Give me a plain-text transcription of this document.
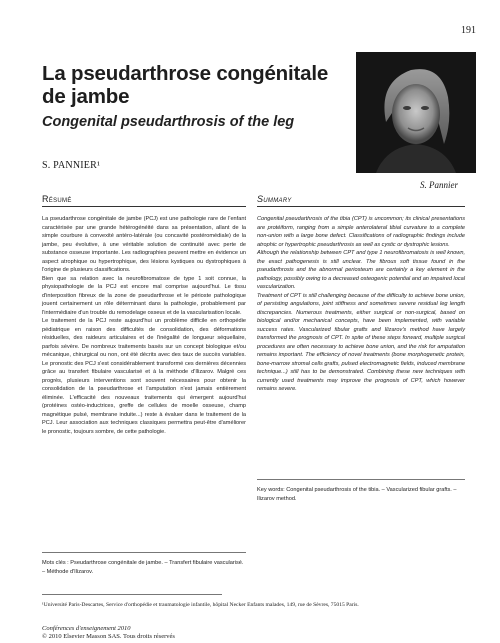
191
La pseudarthrose congénitale de jambe
Congenital pseudarthrosis of the leg
S. PANNIER¹
S. Pannier
Résumé

La pseudarthrose congénitale de jambe (PCJ) est une pathologie rare de l'enfant caractérisée par une grande hétérogénéité dans sa présentation, allant de la simple courbure à convexité antéro-latérale (ou concavité postéromédiale) de la jambe, peu évolutive, à une véritable solution de continuité avec perte de substance osseuse importante. Les radiographies peuvent mettre en évidence un aspect atrophique ou hypertrophique, des lésions kystiques ou dystrophiques à l'origine de plusieurs classifications.

Bien que sa relation avec la neurofibromatose de type 1 soit connue, la physiopathologie de la PCJ est encore mal comprise aujourd'hui. Le tissu d'interposition fibreux de la zone de pseudarthrose et le périoste pathologique jouent certainement un rôle déterminant dans la pathologie, probablement par l'intermédiaire d'un trouble du remodelage osseux et de la vascularisation locale.

Le traitement de la PCJ reste aujourd'hui un problème difficile en orthopédie pédiatrique en raison des difficultés de consolidation, des déformations résiduelles, des raideurs articulaires et de l'inégalité de longueur séquellaire, parfois sévère. De nombreux traitements basés sur un concept biologique et/ou mécanique, chirurgical ou non, ont été décrits avec des taux de succès variables. Le pronostic des PCJ s'est considérablement transformé ces dernières décennies grâce au transfert fibulaire vascularisé et à la méthode d'Ilizarov. Malgré ces progrès, plusieurs interventions sont souvent nécessaires pour obtenir la consolidation de la pseudarthrose et l'amputation n'est jamais entièrement éliminée. L'efficacité des nouveaux traitements qui émergent aujourd'hui (protéines ostéo-inductrices, greffe de cellules de moelle osseuse, champ magnétique pulsé, membrane induite...) reste à évaluer dans le traitement de la PCJ. Leur association aux techniques classiques permettra peut-être d'améliorer le pronostic, toujours sombre, de cette pathologie.

Mots clés : Pseudarthrose congénitale de jambe. – Transfert fibulaire vascularisé. – Méthode d'Ilizarov.
Summary

Congenital pseudarthrosis of the tibia (CPT) is uncommon; its clinical presentations are protéiform, ranging from a simple anterolateral tibial curvature to a complete non-union with a large bone defect. Classifications of radiographic findings include atrophic or hypertrophic pseudarthrosis as well as cystic or dystrophic lesions.

Although the relationship between CPT and type 1 neurofibromatosis is well known, the exact pathogenesis is still unclear. The fibrous soft tissue found in the pseudarthrosis and the abnormal periosteum are certainly a key element in the pathology, possibly owing to a decreased osteogenic potential and an impaired local vascularization.

Treatment of CPT is still challenging because of the difficulty to achieve bone union, of persisting angulations, joint stiffness and sometimes severe residual leg length discrepancies. Numerous treatments, either surgical or non-surgical, based on biological and/or mechanical concepts, have been implemented, with variable success rates. Vascularized fibular grafts and Ilizarov's method have largely transformed the prognosis of CPT. In spite of these steps forward, multiple surgical procedures are often necessary to achieve bone union, and the risk for amputation remains important. The efficiency of novel treatments (bone morphogenetic protein, bone-marrow stromal cells grafts, pulsed electromagnetic fields, induced membrane technique...) still has to be demonstrated. Combining these new techniques with currently used treatments may improve the prognosis of CPT, which however remains severe.

Key words: Congenital pseudarthrosis of the tibia. – Vascularized fibular grafts. – Ilizarov method.
¹Université Paris-Descartes, Service d'orthopédie et traumatologie infantile, hôpital Necker Enfants malades, 149, rue de Sèvres, 75015 Paris.
Conférences d'enseignement 2010
© 2010 Elsevier Masson SAS. Tous droits réservés
